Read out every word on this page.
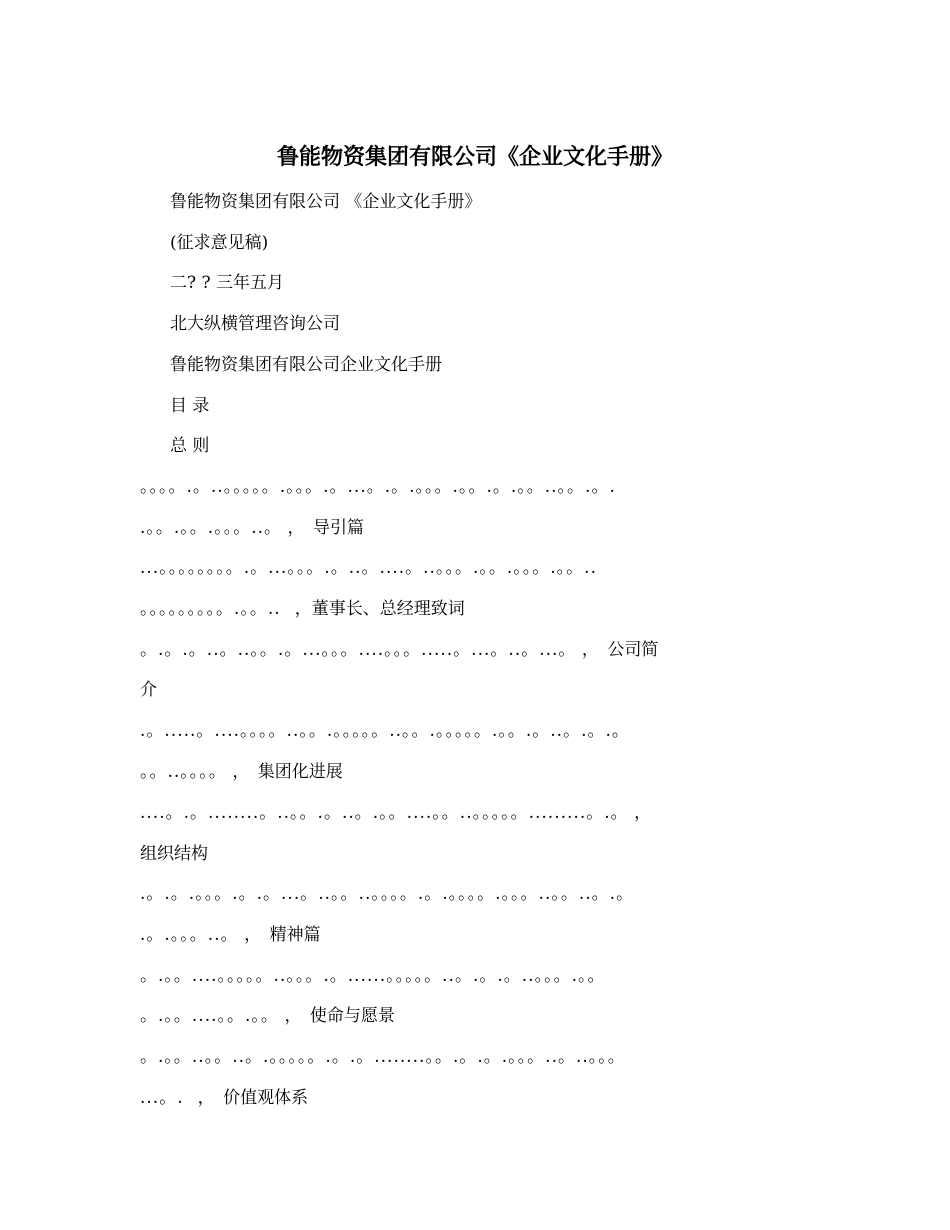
鲁能物资集团有限公司《企业文化手册》
鲁能物资集团有限公司 《企业文化手册》
(征求意见稿)
二? ? 三年五月
北大纵横管理咨询公司
鲁能物资集团有限公司企业文化手册
目 录
总 则
。。。。.。..。。。。。.。。。.。...。.。.。。。.。。.。.。。..。。.。.
.。。.。。.。。。..。 ，　导引篇
...。。。。。。。。.。...。。。.。..。....。..。。。.。。.。。。.。。..
。。。。。。。。。.。。.. ，董事长、总经理致词
。.。.。..。..。。.。...。。。....。。。.....。...。..。...。 ，　公司简
介
.。.....。....。。。。..。。.。。。。。..。。.。。。。。.。。.。..。.。.。
。。..。。。。 ，　集团化进展
....。.。........。..。。.。..。.。。....。。..。。。。。.........。.。 ，
组织结构
.。.。.。。。.。.。...。..。。..。。。。.。.。。。。.。。。..。。..。.。
.。.。。。..。 ，　精神篇
。.。。....。。。。。..。。。.。......。。。。。..。.。.。..。。。.。。
。.。。....。。.。。 ，　使命与愿景
。.。。..。。..。.。。。。。.。.。........。。.。.。.。。。..。..。。。
...。. ，　价值观体系
